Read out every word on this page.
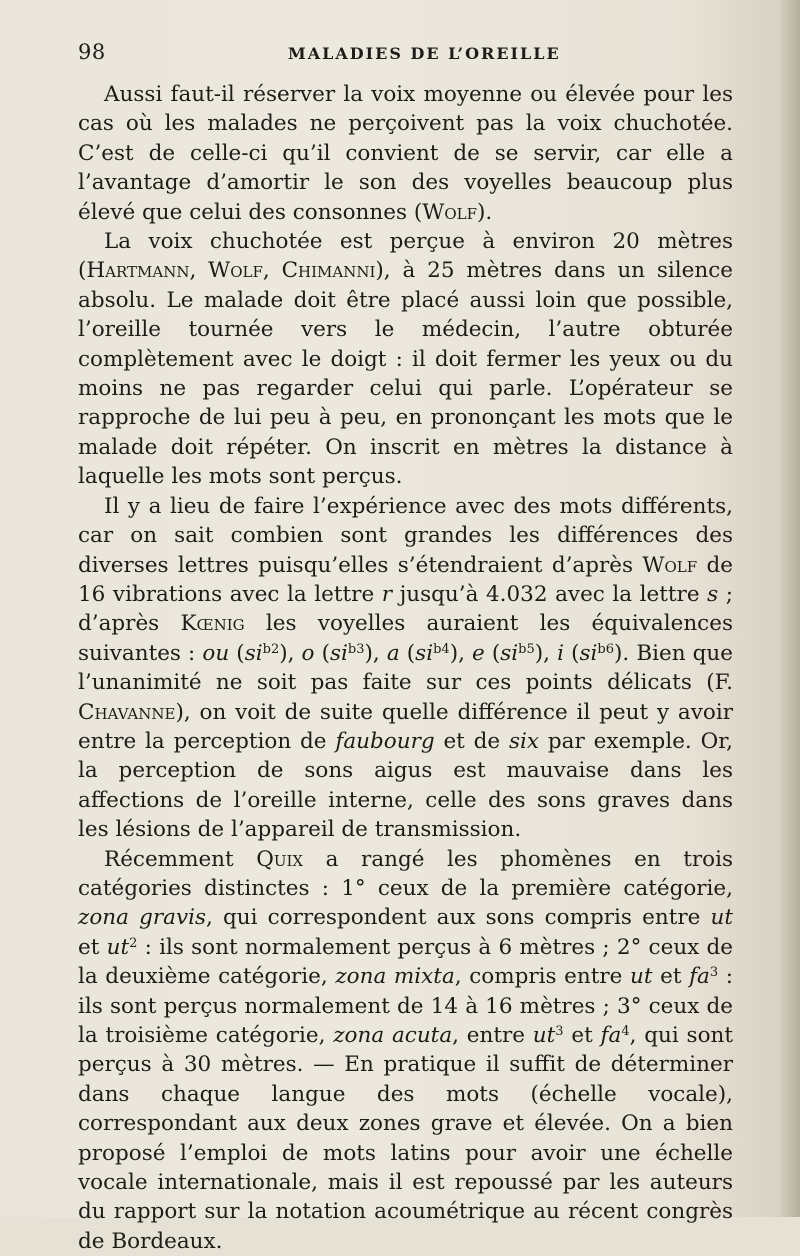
98	MALADIES DE L’OREILLE

Aussi faut-il réserver la voix moyenne ou élevée pour les cas où les malades ne perçoivent pas la voix chuchotée. C’est de celle-ci qu’il convient de se servir, car elle a l’avantage d’amortir le son des voyelles beaucoup plus élevé que celui des consonnes (Wolf).

La voix chuchotée est perçue à environ 20 mètres (Hartmann, Wolf, Chimanni), à 25 mètres dans un silence absolu. Le malade doit être placé aussi loin que possible, l’oreille tournée vers le médecin, l’autre obturée complètement avec le doigt : il doit fermer les yeux ou du moins ne pas regarder celui qui parle. L’opérateur se rapproche de lui peu à peu, en prononçant les mots que le malade doit répéter. On inscrit en mètres la distance à laquelle les mots sont perçus.

Il y a lieu de faire l’expérience avec des mots différents, car on sait combien sont grandes les différences des diverses lettres puisqu’elles s’étendraient d’après Wolf de 16 vibrations avec la lettre r jusqu’à 4.032 avec la lettre s ; d’après Kœnig les voyelles auraient les équivalences suivantes : ou $(si^{b2})$, o $(si^{b3})$, a $(si^{b4})$, e $(si^{b5})$, i $(si^{b6})$. Bien que l’unanimité ne soit pas faite sur ces points délicats (F. Chavanne), on voit de suite quelle différence il peut y avoir entre la perception de faubourg et de six par exemple. Or, la perception de sons aigus est mauvaise dans les affections de l’oreille interne, celle des sons graves dans les lésions de l’appareil de transmission.

Récemment Quix a rangé les phomènes en trois catégories distinctes : 1° ceux de la première catégorie, zona gravis, qui correspondent aux sons compris entre ut et $ut^2$ : ils sont normalement perçus à 6 mètres ; 2° ceux de la deuxième catégorie, zona mixta, compris entre ut et $fa^3$ : ils sont perçus normalement de 14 à 16 mètres ; 3° ceux de la troisième catégorie, zona acuta, entre $ut^3$ et $fa^4$, qui sont perçus à 30 mètres. — En pratique il suffit de déterminer dans chaque langue des mots (échelle vocale), correspondant aux deux zones grave et élevée. On a bien proposé l’emploi de mots latins pour avoir une échelle vocale internationale, mais il est repoussé par les auteurs du rapport sur la notation acoumétrique au récent congrès de Bordeaux.
